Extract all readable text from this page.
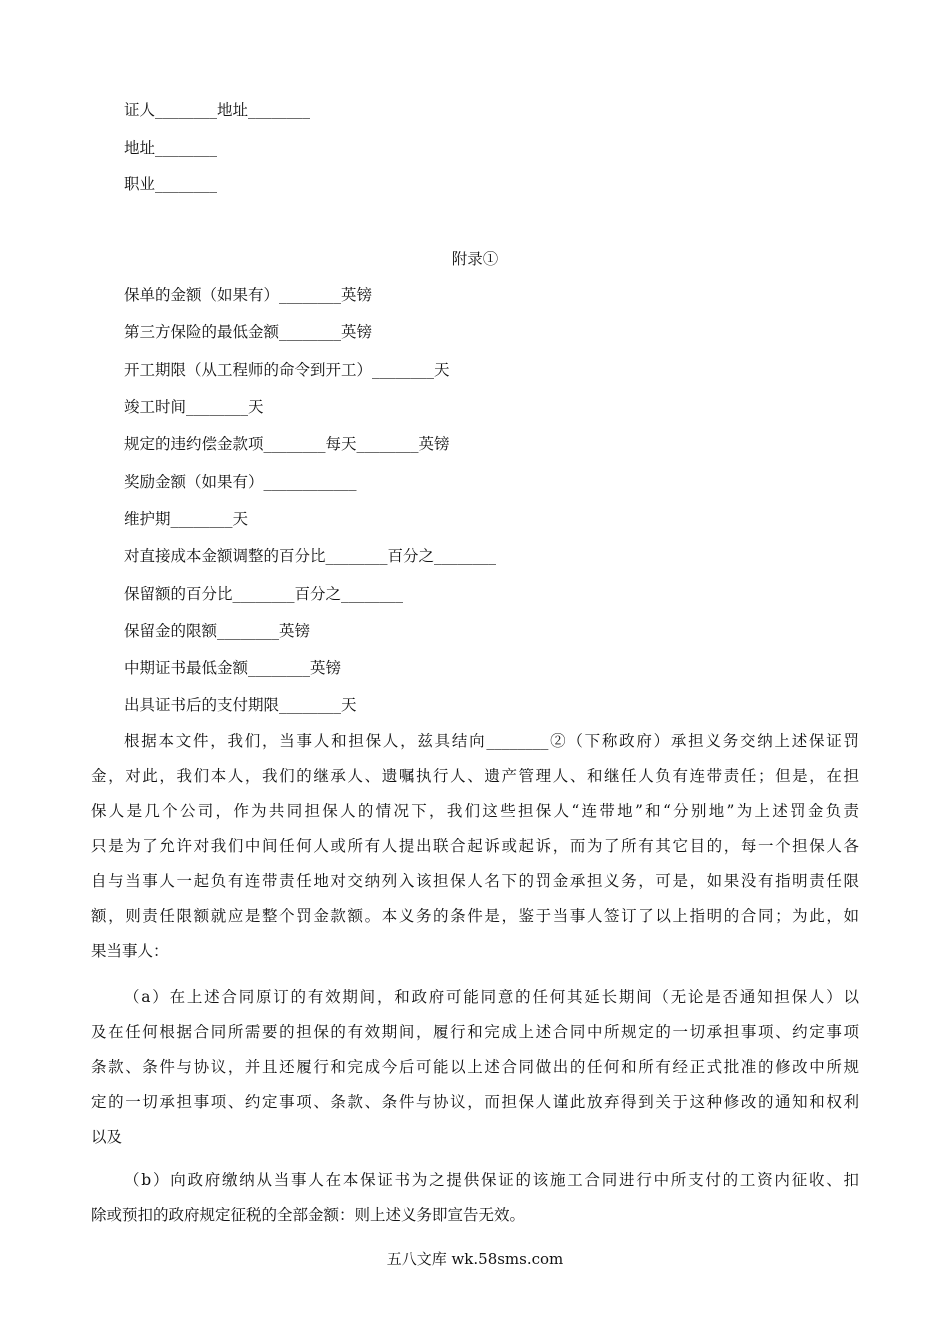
证人________地址________
地址________
职业________
附录①
保单的金额（如果有）________英镑
第三方保险的最低金额________英镑
开工期限（从工程师的命令到开工）________天
竣工时间________天
规定的违约偿金款项________每天________英镑
奖励金额（如果有）____________
维护期________天
对直接成本金额调整的百分比________百分之________
保留额的百分比________百分之________
保留金的限额________英镑
中期证书最低金额________英镑
出具证书后的支付期限________天
根据本文件，我们，当事人和担保人，兹具结向________②（下称政府）承担义务交纳上述保证罚
金，对此，我们本人，我们的继承人、遗嘱执行人、遗产管理人、和继任人负有连带责任；但是，在担
保人是几个公司，作为共同担保人的情况下，我们这些担保人“连带地”和“分别地”为上述罚金负责
只是为了允许对我们中间任何人或所有人提出联合起诉或起诉，而为了所有其它目的，每一个担保人各
自与当事人一起负有连带责任地对交纳列入该担保人名下的罚金承担义务，可是，如果没有指明责任限
额，则责任限额就应是整个罚金款额。本义务的条件是，鉴于当事人签订了以上指明的合同；为此，如
果当事人：
（a）在上述合同原订的有效期间，和政府可能同意的任何其延长期间（无论是否通知担保人）以
及在任何根据合同所需要的担保的有效期间，履行和完成上述合同中所规定的一切承担事项、约定事项
条款、条件与协议，并且还履行和完成今后可能以上述合同做出的任何和所有经正式批准的修改中所规
定的一切承担事项、约定事项、条款、条件与协议，而担保人谨此放弃得到关于这种修改的通知和权利
以及
（b）向政府缴纳从当事人在本保证书为之提供保证的该施工合同进行中所支付的工资内征收、扣
除或预扣的政府规定征税的全部金额：则上述义务即宣告无效。
五八文库 wk.58sms.com
